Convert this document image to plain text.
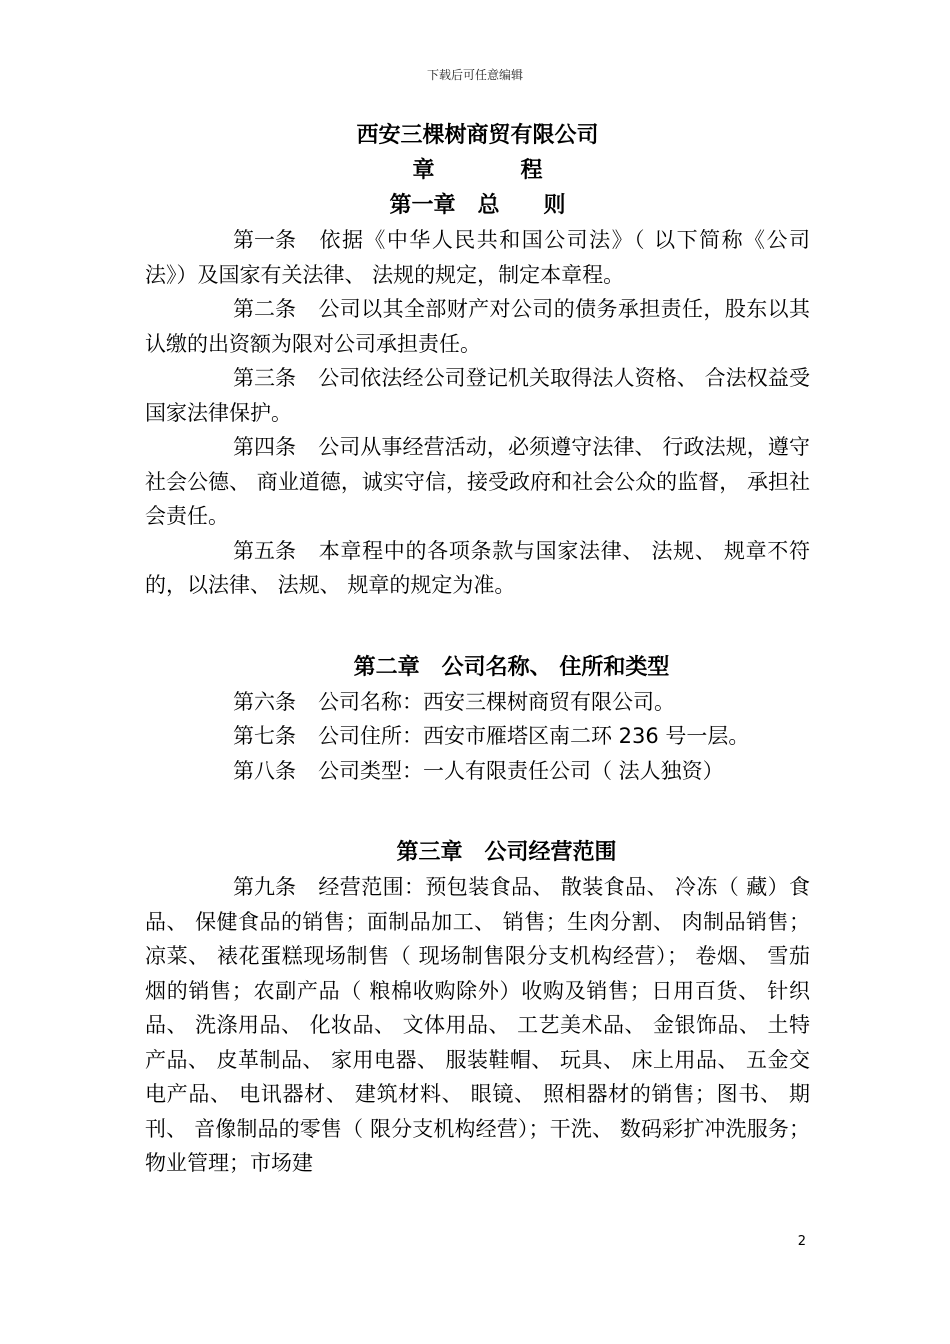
下载后可任意编辑
西安三棵树商贸有限公司
章	程
第一章 总 则

第一条 依据《中华人民共和国公司法》（ 以下简称《公司法》）及国家有关法律、 法规的规定，制定本章程。

第二条 公司以其全部财产对公司的债务承担责任，股东以其认缴的出资额为限对公司承担责任。

第三条 公司依法经公司登记机关取得法人资格、 合法权益受国家法律保护。

第四条 公司从事经营活动，必须遵守法律、 行政法规，遵守社会公德、 商业道德，诚实守信，接受政府和社会公众的监督， 承担社会责任。

第五条 本章程中的各项条款与国家法律、 法规、 规章不符的，以法律、 法规、 规章的规定为准。

第二章 公司名称、 住所和类型

第六条 公司名称：西安三棵树商贸有限公司。

第七条 公司住所：西安市雁塔区南二环 236 号一层。

第八条 公司类型：一人有限责任公司（ 法人独资）

第三章 公司经营范围

第九条 经营范围：预包装食品、 散装食品、 冷冻（ 藏）食品、 保健食品的销售；面制品加工、 销售；生肉分割、 肉制品销售；凉菜、 裱花蛋糕现场制售（ 现场制售限分支机构经营）； 卷烟、 雪茄烟的销售；农副产品（ 粮棉收购除外）收购及销售；日用百货、 针织品、 洗涤用品、 化妆品、 文体用品、 工艺美术品、 金银饰品、 土特产品、 皮革制品、 家用电器、 服装鞋帽、 玩具、 床上用品、 五金交电产品、 电讯器材、 建筑材料、 眼镜、 照相器材的销售；图书、 期刊、 音像制品的零售（ 限分支机构经营）；干洗、 数码彩扩冲洗服务；物业管理；市场建

2
